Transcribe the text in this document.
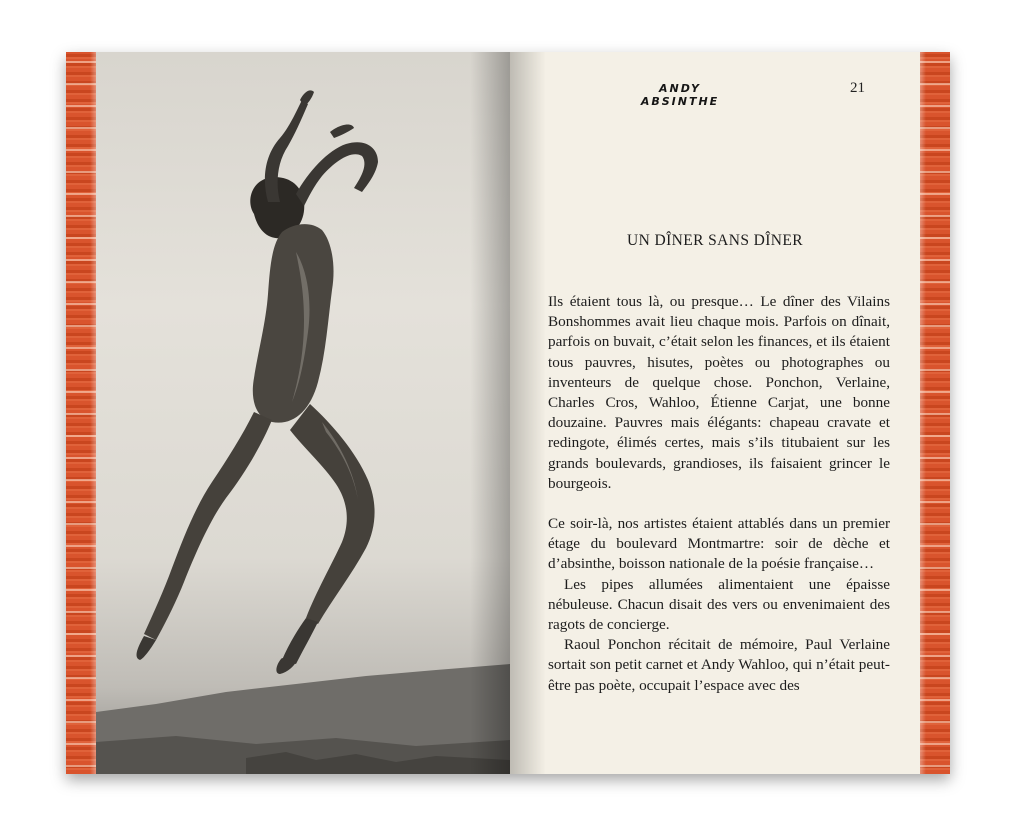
ANDY ABSINTHE
21
UN DÎNER SANS DÎNER

Ils étaient tous là, ou presque… Le dîner des Vilains Bonshommes avait lieu chaque mois. Parfois on dînait, parfois on buvait, c’était selon les finances, et ils étaient tous pauvres, hisutes, poètes ou photographes ou inventeurs de quelque chose. Ponchon, Verlaine, Charles Cros, Wahloo, Étienne Carjat, une bonne douzaine. Pauvres mais élégants: chapeau cravate et redingote, élimés certes, mais s’ils titubaient sur les grands boulevards, grandioses, ils faisaient grincer le bourgeois.

Ce soir-là, nos artistes étaient attablés dans un premier étage du boulevard Montmartre: soir de dèche et d’absinthe, boisson nationale de la poésie française…

Les pipes allumées alimentaient une épaisse nébuleuse. Chacun disait des vers ou envenimaient des ragots de concierge.

Raoul Ponchon récitait de mémoire, Paul Verlaine sortait son petit carnet et Andy Wahloo, qui n’était peut-être pas poète, occupait l’espace avec des
